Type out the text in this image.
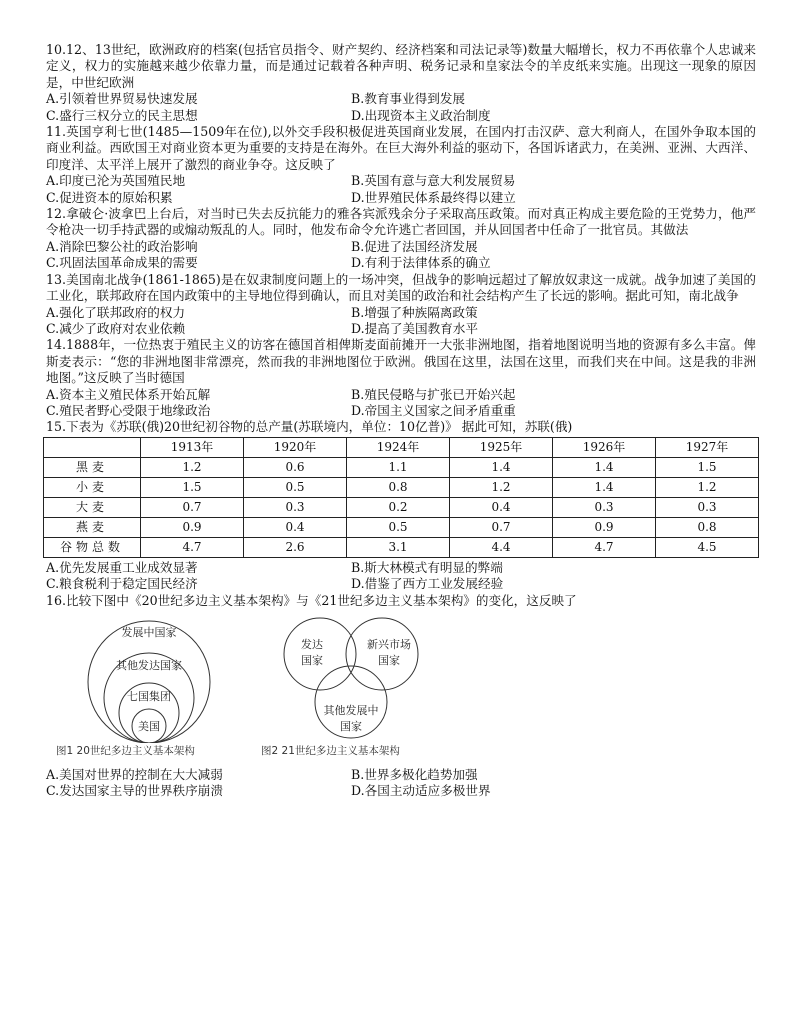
10.12、13世纪，欧洲政府的档案(包括官员指令、财产契约、经济档案和司法记录等)数量大幅增长，权力不再依靠个人忠诚来定义，权力的实施越来越少依靠力量，而是通过记载着各种声明、税务记录和皇家法令的羊皮纸来实施。出现这一现象的原因是，中世纪欧洲

A.引领着世界贸易快速发展	B.教育事业得到发展
C.盛行三权分立的民主思想	D.出现资本主义政治制度

11.英国亨利七世(1485—1509年在位),以外交手段积极促进英国商业发展，在国内打击汉萨、意大利商人，在国外争取本国的商业利益。西欧国王对商业资本更为重要的支持是在海外。在巨大海外利益的驱动下，各国诉诸武力，在美洲、亚洲、大西洋、印度洋、太平洋上展开了激烈的商业争夺。这反映了

A.印度已沦为英国殖民地	B.英国有意与意大利发展贸易
C.促进资本的原始积累	D.世界殖民体系最终得以建立

12.拿破仑·波拿巴上台后，对当时已失去反抗能力的雅各宾派残余分子采取高压政策。而对真正构成主要危险的王党势力，他严令枪决一切手持武器的或煽动叛乱的人。同时，他发布命令允许逃亡者回国，并从回国者中任命了一批官员。其做法

A.消除巴黎公社的政治影响	B.促进了法国经济发展
C.巩固法国革命成果的需要	D.有利于法律体系的确立

13.美国南北战争(1861-1865)是在奴隶制度问题上的一场冲突，但战争的影响远超过了解放奴隶这一成就。战争加速了美国的工业化，联邦政府在国内政策中的主导地位得到确认，而且对美国的政治和社会结构产生了长远的影响。据此可知，南北战争

A.强化了联邦政府的权力	B.增强了种族隔离政策
C.减少了政府对农业依赖	D.提高了美国教育水平

14.1888年，一位热衷于殖民主义的访客在德国首相俾斯麦面前摊开一大张非洲地图，指着地图说明当地的资源有多么丰富。俾斯麦表示：“您的非洲地图非常漂亮，然而我的非洲地图位于欧洲。俄国在这里，法国在这里，而我们夹在中间。这是我的非洲地图。”这反映了当时德国

A.资本主义殖民体系开始瓦解	B.殖民侵略与扩张已开始兴起
C.殖民者野心受限于地缘政治	D.帝国主义国家之间矛盾重重

15.下表为《苏联(俄)20世纪初谷物的总产量(苏联境内，单位：10亿普)》 据此可知，苏联(俄)

	1913年	1920年	1924年	1925年	1926年	1927年
黑麦	1.2	0.6	1.1	1.4	1.4	1.5
小麦	1.5	0.5	0.8	1.2	1.4	1.2
大麦	0.7	0.3	0.2	0.4	0.3	0.3
燕麦	0.9	0.4	0.5	0.7	0.9	0.8
谷物总数	4.7	2.6	3.1	4.4	4.7	4.5
A.优先发展重工业成效显著	B.斯大林模式有明显的弊端
C.粮食税利于稳定国民经济	D.借鉴了西方工业发展经验

16.比较下图中《20世纪多边主义基本架构》与《21世纪多边主义基本架构》的变化，这反映了

发展中国家
其他发达国家
七国集团
美国
发达
国家
新兴市场
国家
其他发展中
国家
图1 20世纪多边主义基本架构	图2 21世纪多边主义基本架构
A.美国对世界的控制在大大减弱	B.世界多极化趋势加强
C.发达国家主导的世界秩序崩溃	D.各国主动适应多极世界
